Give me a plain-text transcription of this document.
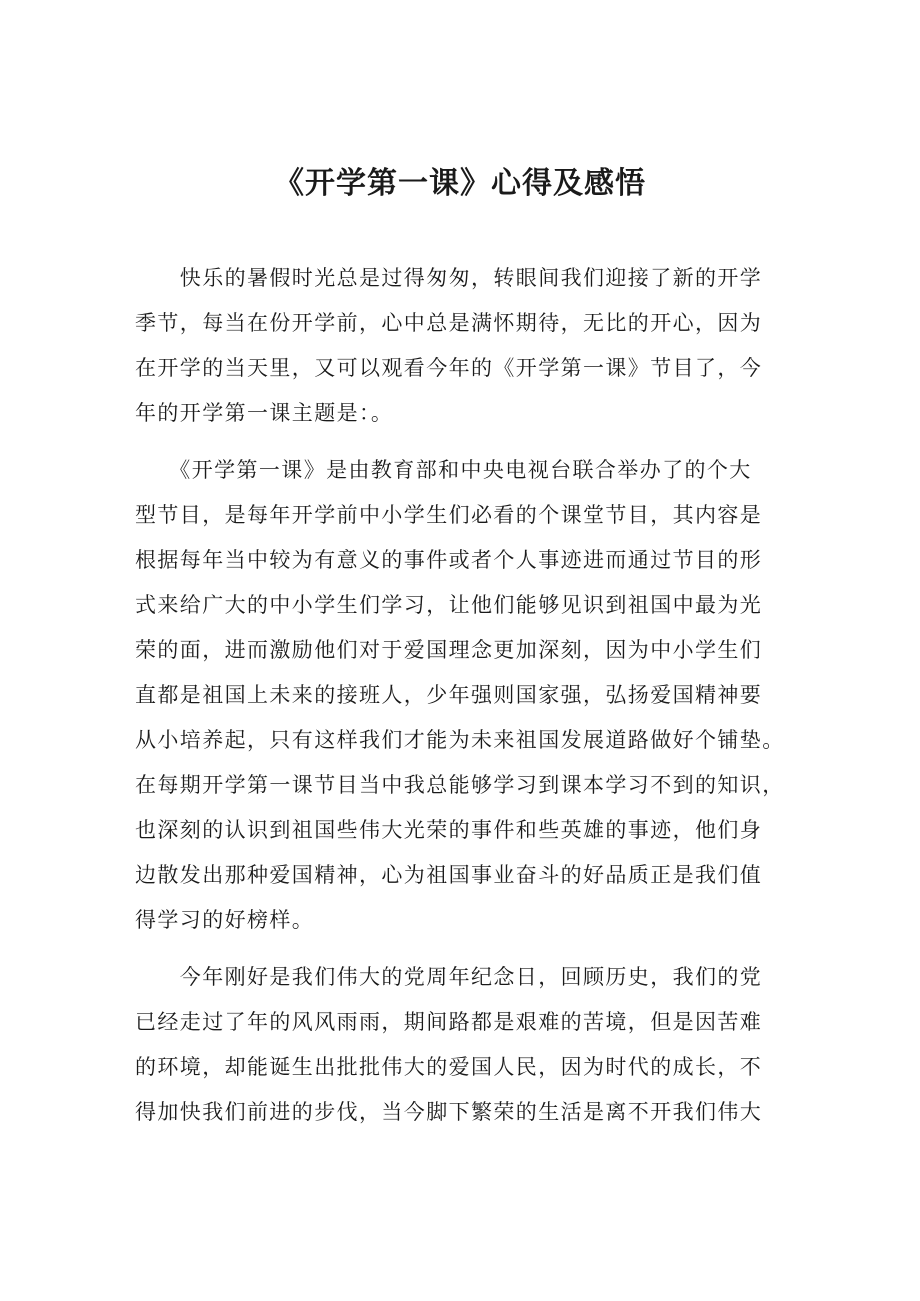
《开学第一课》心得及感悟
　　快乐的暑假时光总是过得匆匆，转眼间我们迎接了新的开学
季节，每当在份开学前，心中总是满怀期待，无比的开心，因为
在开学的当天里，又可以观看今年的《开学第一课》节目了，今
年的开学第一课主题是：。
　　《开学第一课》是由教育部和中央电视台联合举办了的个大
型节目，是每年开学前中小学生们必看的个课堂节目，其内容是
根据每年当中较为有意义的事件或者个人事迹进而通过节目的形
式来给广大的中小学生们学习，让他们能够见识到祖国中最为光
荣的面，进而激励他们对于爱国理念更加深刻，因为中小学生们
直都是祖国上未来的接班人，少年强则国家强，弘扬爱国精神要
从小培养起，只有这样我们才能为未来祖国发展道路做好个铺垫。
在每期开学第一课节目当中我总能够学习到课本学习不到的知识，
也深刻的认识到祖国些伟大光荣的事件和些英雄的事迹，他们身
边散发出那种爱国精神，心为祖国事业奋斗的好品质正是我们值
得学习的好榜样。
　　今年刚好是我们伟大的党周年纪念日，回顾历史，我们的党
已经走过了年的风风雨雨，期间路都是艰难的苦境，但是因苦难
的环境，却能诞生出批批伟大的爱国人民，因为时代的成长，不
得加快我们前进的步伐，当今脚下繁荣的生活是离不开我们伟大
